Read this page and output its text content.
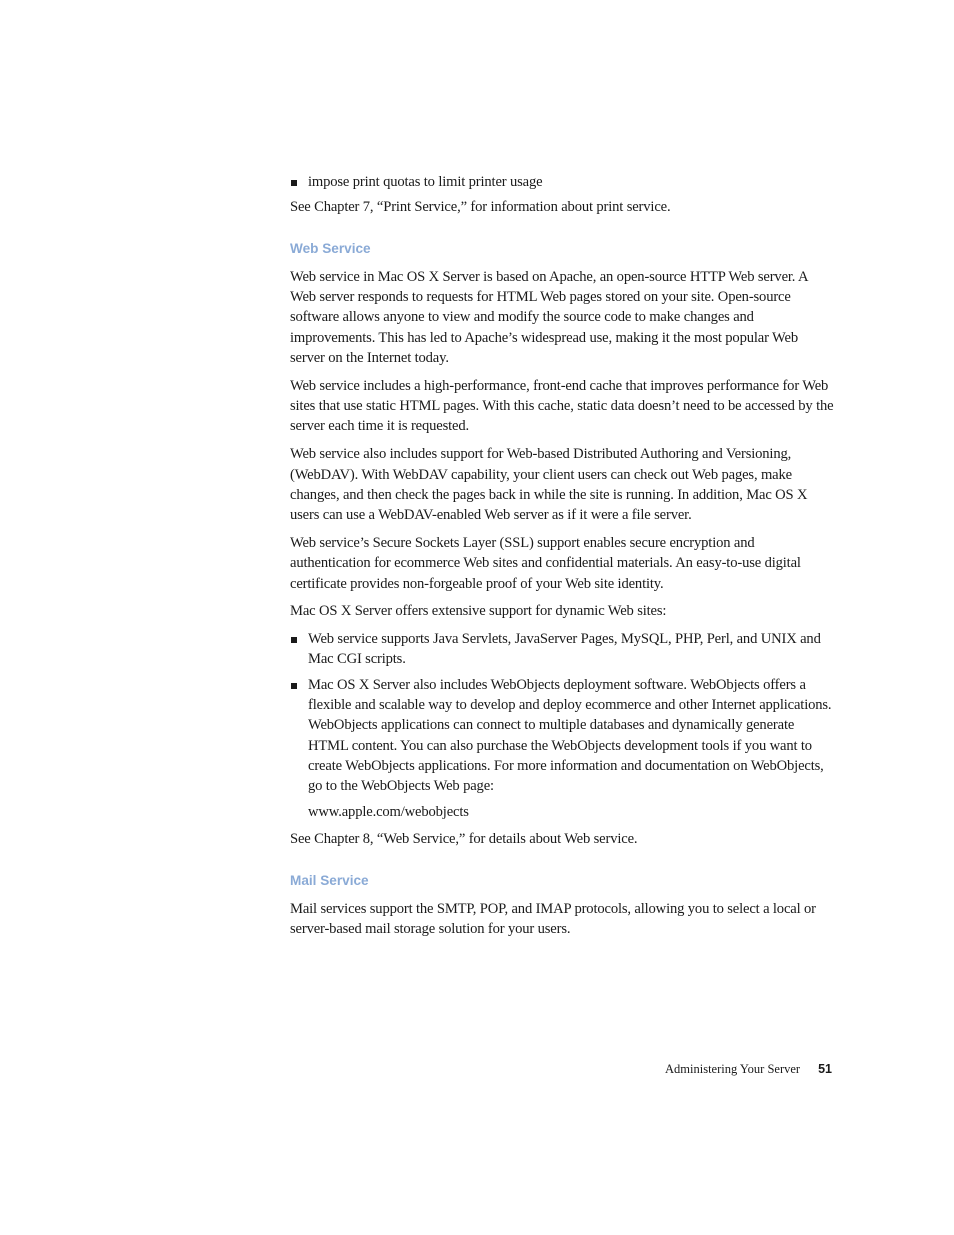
impose print quotas to limit printer usage

See Chapter 7, “Print Service,” for information about print service.

Web Service

Web service in Mac OS X Server is based on Apache, an open-source HTTP Web server. A Web server responds to requests for HTML Web pages stored on your site. Open-source software allows anyone to view and modify the source code to make changes and improvements. This has led to Apache’s widespread use, making it the most popular Web server on the Internet today.

Web service includes a high-performance, front-end cache that improves performance for Web sites that use static HTML pages. With this cache, static data doesn’t need to be accessed by the server each time it is requested.

Web service also includes support for Web-based Distributed Authoring and Versioning, (WebDAV). With WebDAV capability, your client users can check out Web pages, make changes, and then check the pages back in while the site is running. In addition, Mac OS X users can use a WebDAV-enabled Web server as if it were a file server.

Web service’s Secure Sockets Layer (SSL) support enables secure encryption and authentication for ecommerce Web sites and confidential materials. An easy-to-use digital certificate provides non-forgeable proof of your Web site identity.

Mac OS X Server offers extensive support for dynamic Web sites:

Web service supports Java Servlets, JavaServer Pages, MySQL, PHP, Perl, and UNIX and Mac CGI scripts.
Mac OS X Server also includes WebObjects deployment software. WebObjects offers a flexible and scalable way to develop and deploy ecommerce and other Internet applications. WebObjects applications can connect to multiple databases and dynamically generate HTML content. You can also purchase the WebObjects development tools if you want to create WebObjects applications. For more information and documentation on WebObjects, go to the WebObjects Web page:
www.apple.com/webobjects

See Chapter 8, “Web Service,” for details about Web service.

Mail Service

Mail services support the SMTP, POP, and IMAP protocols, allowing you to select a local or server-based mail storage solution for your users.

Administering Your Server 51
